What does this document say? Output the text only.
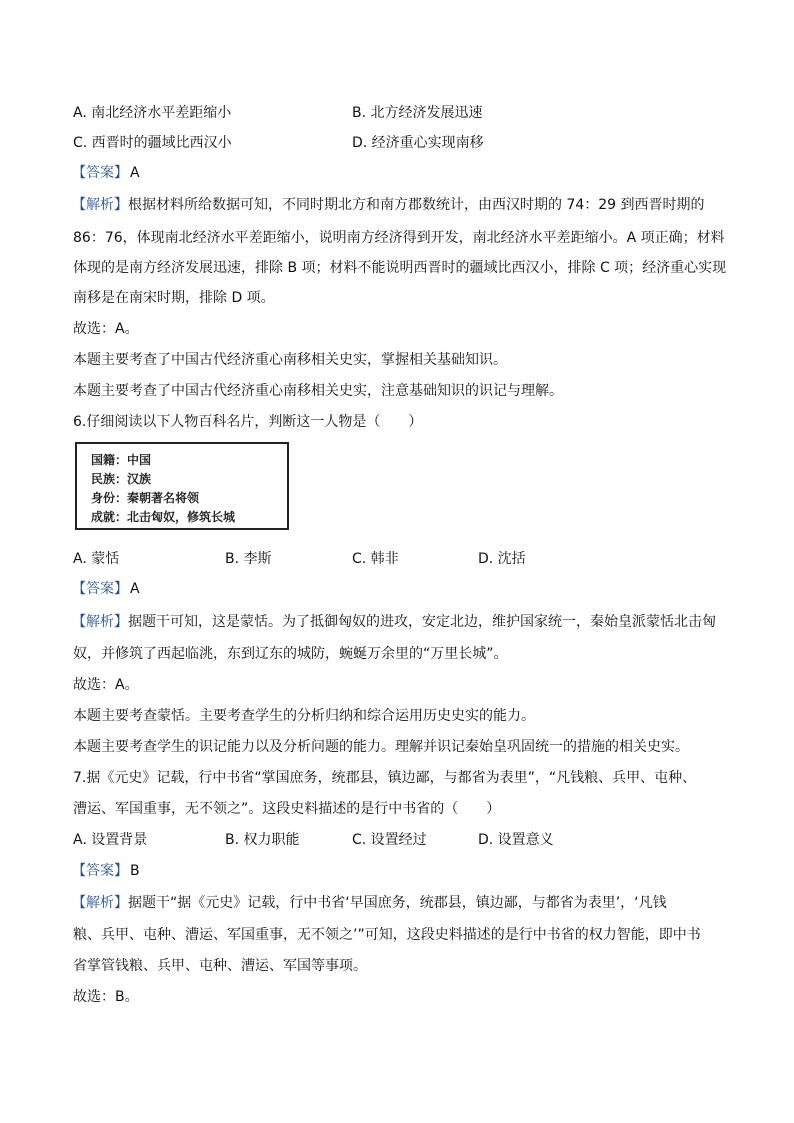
A. 南北经济水平差距缩小	B. 北方经济发展迅速
C. 西晋时的疆域比西汉小	D. 经济重心实现南移
【答案】 A
【解析】根据材料所给数据可知，不同时期北方和南方郡数统计，由西汉时期的 74：29 到西晋时期的
86：76，体现南北经济水平差距缩小，说明南方经济得到开发，南北经济水平差距缩小。A 项正确；材料
体现的是南方经济发展迅速，排除 B 项；材料不能说明西晋时的疆域比西汉小，排除 C 项；经济重心实现
南移是在南宋时期，排除 D 项。
故选：A。
本题主要考查了中国古代经济重心南移相关史实，掌握相关基础知识。
本题主要考查了中国古代经济重心南移相关史实，注意基础知识的识记与理解。
6.仔细阅读以下人物百科名片，判断这一人物是（　　）
国籍：中国
民族：汉族
身份：秦朝著名将领
成就：北击匈奴，修筑长城
A. 蒙恬	B. 李斯	C. 韩非	D. 沈括
【答案】 A
【解析】据题干可知，这是蒙恬。为了抵御匈奴的进攻，安定北边，维护国家统一，秦始皇派蒙恬北击匈
奴，并修筑了西起临洮，东到辽东的城防，蜿蜒万余里的“万里长城”。
故选：A。
本题主要考查蒙恬。主要考查学生的分析归纳和综合运用历史史实的能力。
本题主要考查学生的识记能力以及分析问题的能力。理解并识记秦始皇巩固统一的措施的相关史实。
7.据《元史》记载，行中书省“掌国庶务，统郡县，镇边鄙，与都省为表里”，“凡钱粮、兵甲、屯种、
漕运、军国重事，无不领之”。这段史料描述的是行中书省的（　　）
A. 设置背景	B. 权力职能	C. 设置经过	D. 设置意义
【答案】 B
【解析】据题干“据《元史》记载，行中书省‘早国庶务，统郡县，镇边鄙，与都省为表里’，‘凡钱
粮、兵甲、屯种、漕运、军国重事，无不领之’”可知，这段史料描述的是行中书省的权力智能，即中书
省掌管钱粮、兵甲、屯种、漕运、军国等事项。
故选：B。
